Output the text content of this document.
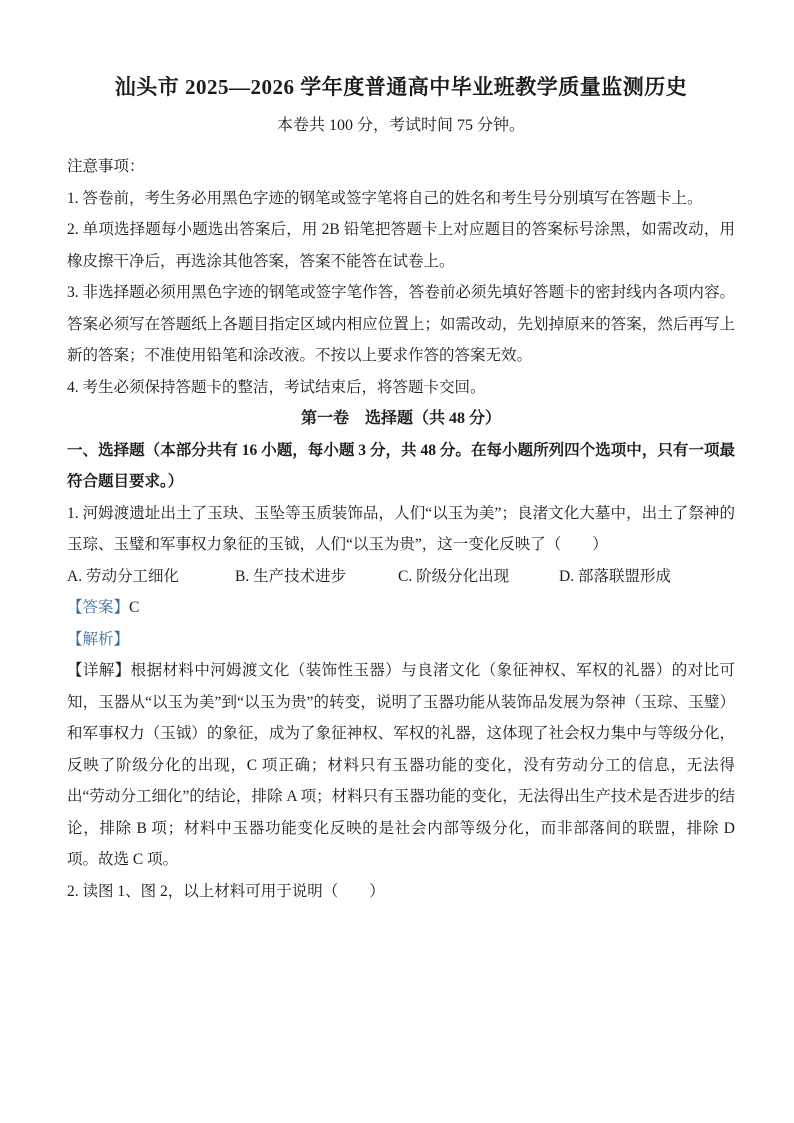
汕头市 2025—2026 学年度普通高中毕业班教学质量监测历史
本卷共 100 分，考试时间 75 分钟。

注意事项：

1. 答卷前，考生务必用黑色字迹的钢笔或签字笔将自己的姓名和考生号分别填写在答题卡上。

2. 单项选择题每小题选出答案后，用 2B 铅笔把答题卡上对应题目的答案标号涂黑，如需改动，用橡皮擦干净后，再选涂其他答案，答案不能答在试卷上。

3. 非选择题必须用黑色字迹的钢笔或签字笔作答，答卷前必须先填好答题卡的密封线内各项内容。答案必须写在答题纸上各题目指定区域内相应位置上；如需改动，先划掉原来的答案，然后再写上新的答案；不准使用铅笔和涂改液。不按以上要求作答的答案无效。

4. 考生必须保持答题卡的整洁，考试结束后，将答题卡交回。

第一卷　选择题（共 48 分）

一、选择题（本部分共有 16 小题，每小题 3 分，共 48 分。在每小题所列四个选项中，只有一项最符合题目要求。）

1. 河姆渡遗址出土了玉玦、玉坠等玉质装饰品，人们“以玉为美”；良渚文化大墓中，出土了祭神的玉琮、玉璧和军事权力象征的玉钺，人们“以玉为贵”，这一变化反映了（　　）

A. 劳动分工细化	B. 生产技术进步	C. 阶级分化出现	D. 部落联盟形成

【答案】C

【解析】

【详解】根据材料中河姆渡文化（装饰性玉器）与良渚文化（象征神权、军权的礼器）的对比可知，玉器从“以玉为美”到“以玉为贵”的转变，说明了玉器功能从装饰品发展为祭神（玉琮、玉璧）和军事权力（玉钺）的象征，成为了象征神权、军权的礼器，这体现了社会权力集中与等级分化，反映了阶级分化的出现，C 项正确；材料只有玉器功能的变化，没有劳动分工的信息，无法得出“劳动分工细化”的结论，排除 A 项；材料只有玉器功能的变化，无法得出生产技术是否进步的结论，排除 B 项；材料中玉器功能变化反映的是社会内部等级分化，而非部落间的联盟，排除 D 项。故选 C 项。

2. 读图 1、图 2，以上材料可用于说明（　　）
